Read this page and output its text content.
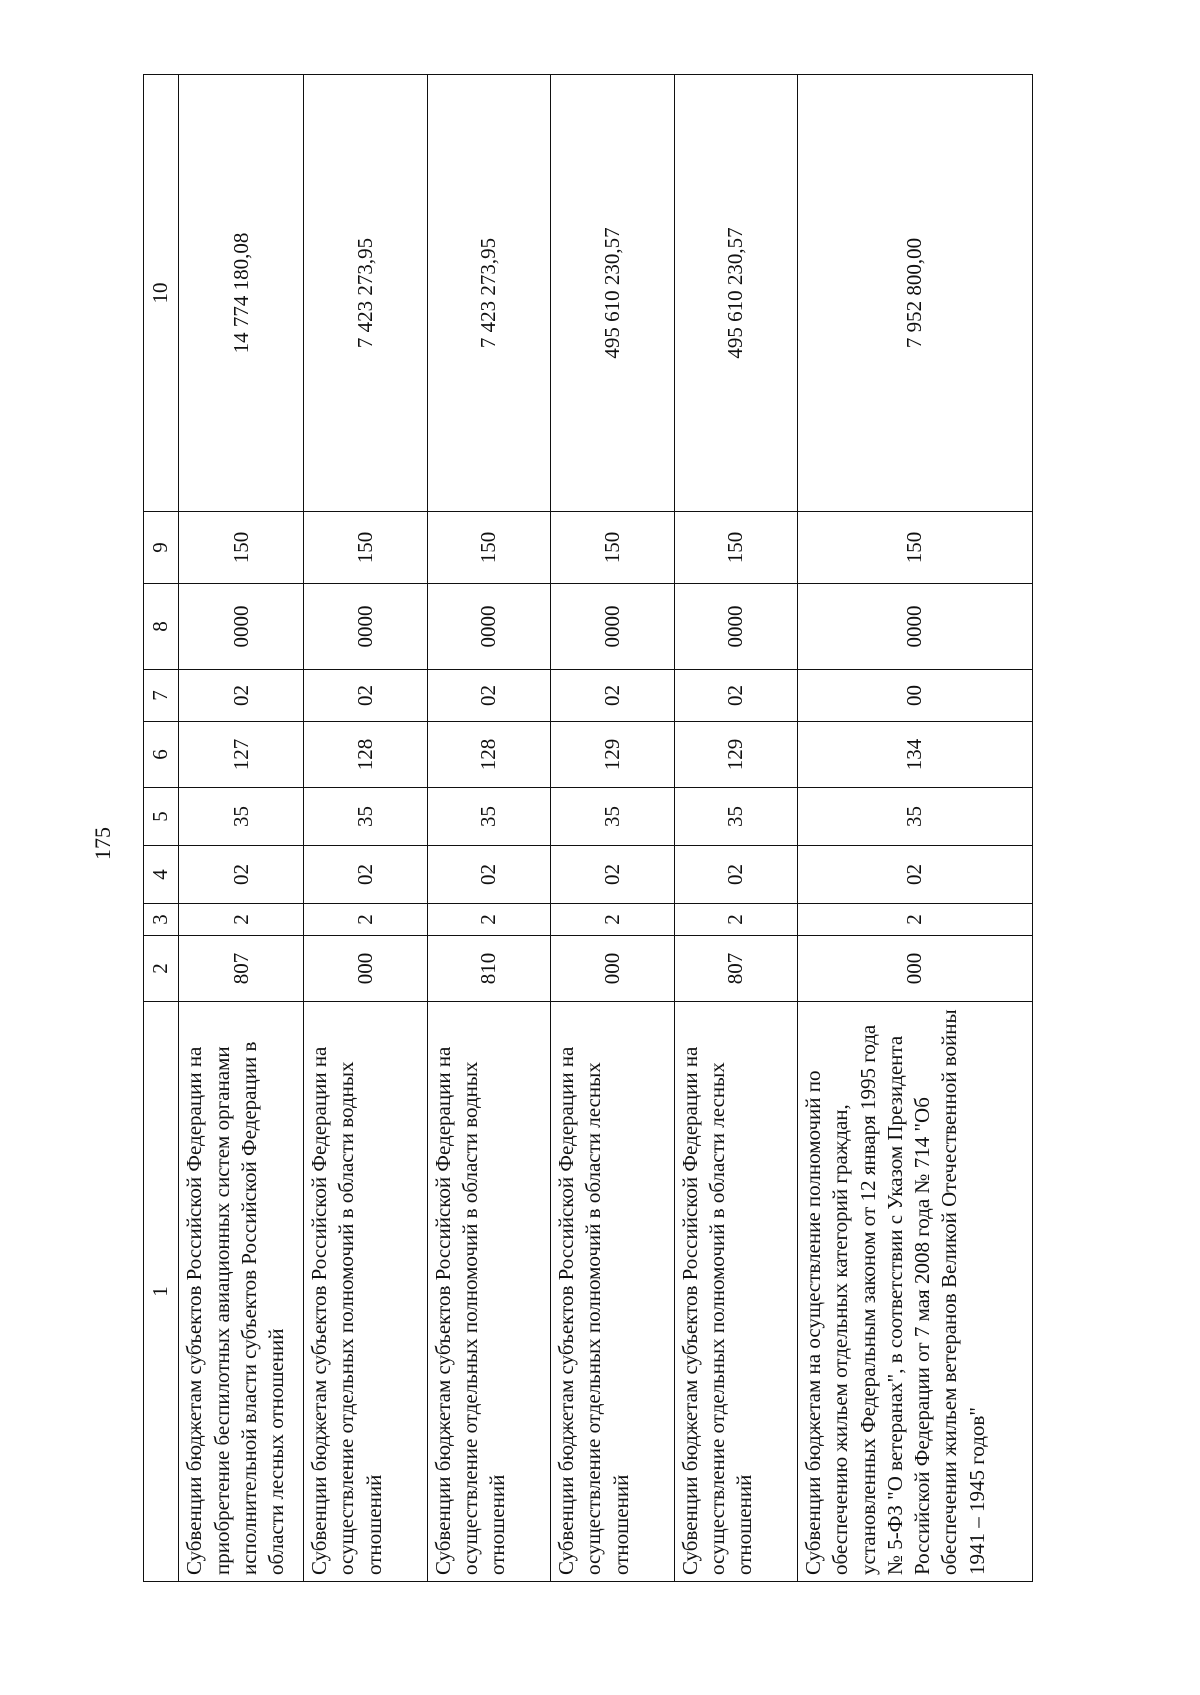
175
1	2	3	4	5	6	7	8	9	10
Субвенции бюджетам субъектов Российской Федерации на приобретение беспилотных авиационных систем органами исполнительной власти субъектов Российской Федерации в области лесных отношений	807	2	02	35	127	02	0000	150	14 774 180,08
Субвенции бюджетам субъектов Российской Федерации на осуществление отдельных полномочий в области водных отношений	000	2	02	35	128	02	0000	150	7 423 273,95
Субвенции бюджетам субъектов Российской Федерации на осуществление отдельных полномочий в области водных отношений	810	2	02	35	128	02	0000	150	7 423 273,95
Субвенции бюджетам субъектов Российской Федерации на осуществление отдельных полномочий в области лесных отношений	000	2	02	35	129	02	0000	150	495 610 230,57
Субвенции бюджетам субъектов Российской Федерации на осуществление отдельных полномочий в области лесных отношений	807	2	02	35	129	02	0000	150	495 610 230,57
Субвенции бюджетам на осуществление полномочий по обеспечению жильем отдельных категорий граждан, установленных Федеральным законом от 12 января 1995 года № 5-ФЗ "О ветеранах", в соответствии с Указом Президента Российской Федерации от 7 мая 2008 года № 714 "Об обеспечении жильем ветеранов Великой Отечественной войны 1941 – 1945 годов"	000	2	02	35	134	00	0000	150	7 952 800,00
